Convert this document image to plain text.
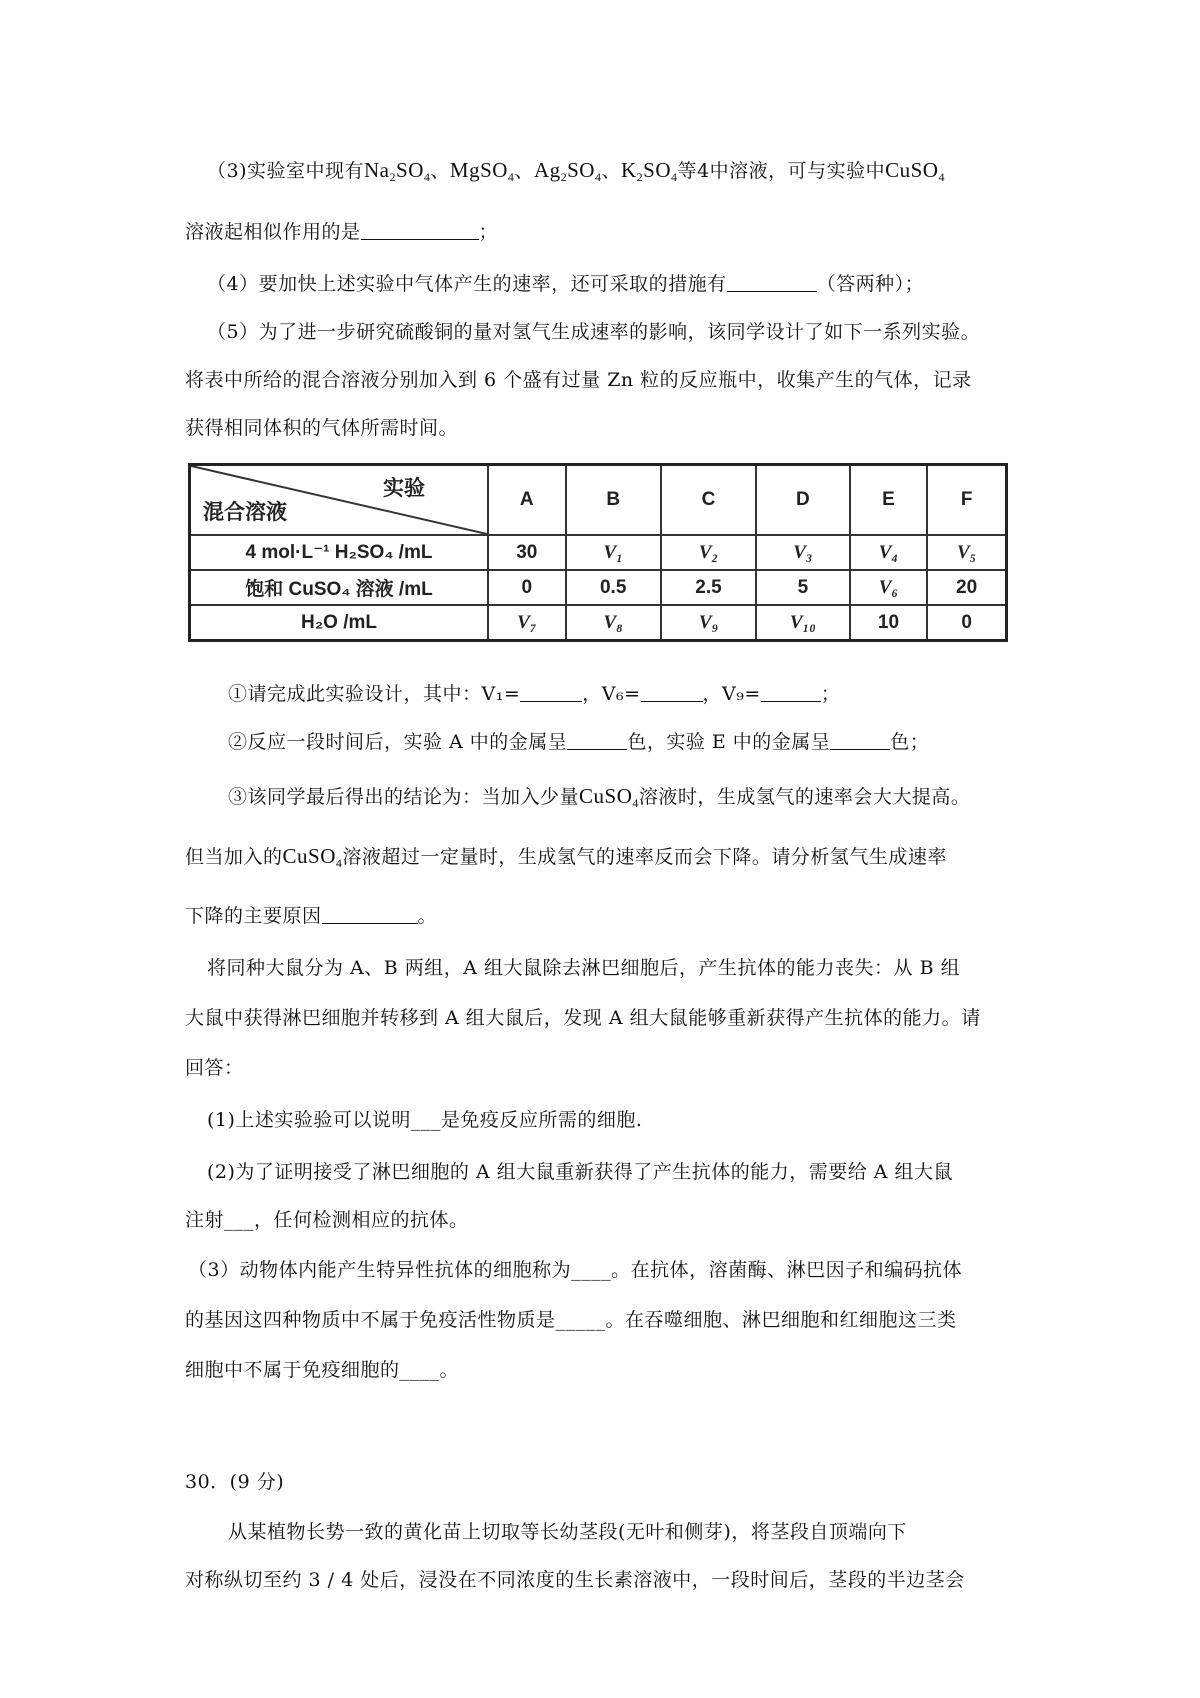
（3)实验室中现有$Na_2SO_4$、MgSO$_4$、$Ag_2SO_4$、$K_2SO_4$等4中溶液，可与实验中CuSO$_4$
溶液起相似作用的是	；
（4）要加快上述实验中气体产生的速率，还可采取的措施有	（答两种）；
（5）为了进一步研究硫酸铜的量对氢气生成速率的影响，该同学设计了如下一系列实验。
将表中所给的混合溶液分别加入到 6 个盛有过量 Zn 粒的反应瓶中，收集产生的气体，记录
获得相同体积的气体所需时间。
实验
混合溶液	A	B	C	D	E	F
4 mol·L⁻¹ H₂SO₄ /mL	30	V₁	V₂	V₃	V₄	V₅
饱和 CuSO₄ 溶液 /mL	0	0.5	2.5	5	V₆	20
H₂O /mL	V₇	V₈	V₉	V₁₀	10	0
①请完成此实验设计，其中：V₁=	，V₆=	，V₉=	；
②反应一段时间后，实验 A 中的金属呈	色，实验 E 中的金属呈	色；
③该同学最后得出的结论为：当加入少量CuSO$_4$溶液时，生成氢气的速率会大大提高。
但当加入的CuSO$_4$溶液超过一定量时，生成氢气的速率反而会下降。请分析氢气生成速率
下降的主要原因	。
将同种大鼠分为 A、B 两组，A 组大鼠除去淋巴细胞后，产生抗体的能力丧失：从 B 组
大鼠中获得淋巴细胞并转移到 A 组大鼠后，发现 A 组大鼠能够重新获得产生抗体的能力。请
回答：
(1)上述实验验可以说明___是免疫反应所需的细胞.
(2)为了证明接受了淋巴细胞的 A 组大鼠重新获得了产生抗体的能力，需要给 A 组大鼠
注射___，任何检测相应的抗体。
（3）动物体内能产生特异性抗体的细胞称为____。在抗体，溶菌酶、淋巴因子和编码抗体
的基因这四种物质中不属于免疫活性物质是_____。在吞噬细胞、淋巴细胞和红细胞这三类
细胞中不属于免疫细胞的____。
30．(9 分)
从某植物长势一致的黄化苗上切取等长幼茎段(无叶和侧芽)，将茎段自顶端向下
对称纵切至约 3 / 4 处后，浸没在不同浓度的生长素溶液中，一段时间后，茎段的半边茎会
